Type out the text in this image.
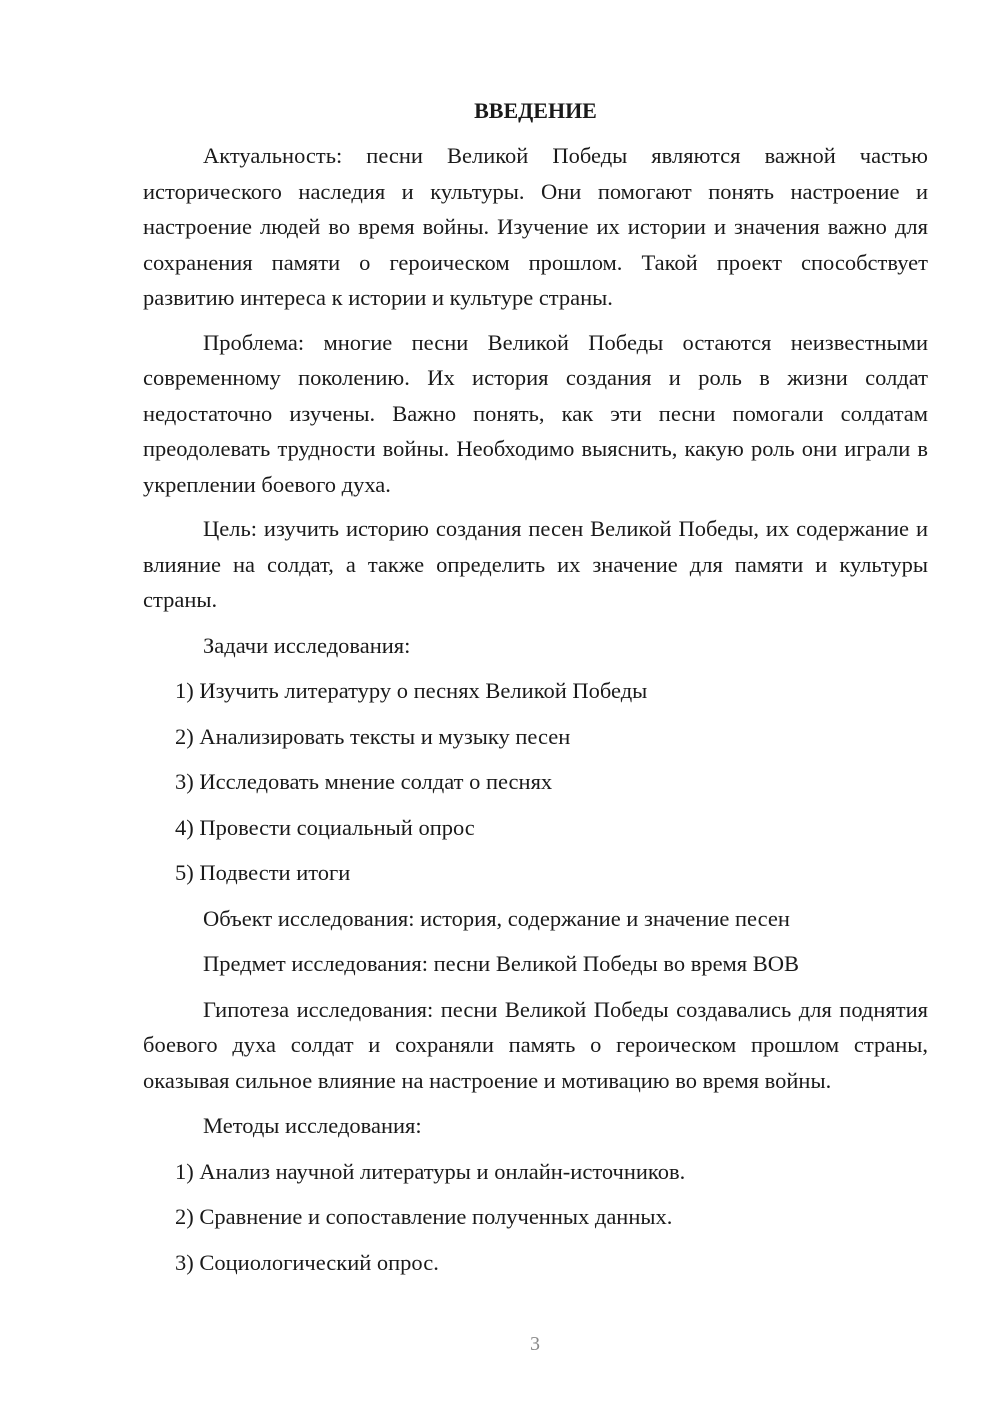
ВВЕДЕНИЕ

Актуальность: песни Великой Победы являются важной частью исторического наследия и культуры. Они помогают понять настроение и настроение людей во время войны. Изучение их истории и значения важно для сохранения памяти о героическом прошлом. Такой проект способствует развитию интереса к истории и культуре страны.

Проблема: многие песни Великой Победы остаются неизвестными современному поколению. Их история создания и роль в жизни солдат недостаточно изучены. Важно понять, как эти песни помогали солдатам преодолевать трудности войны. Необходимо выяснить, какую роль они играли в укреплении боевого духа.

Цель: изучить историю создания песен Великой Победы, их содержание и влияние на солдат, а также определить их значение для памяти и культуры страны.

Задачи исследования:

1) Изучить литературу о песнях Великой Победы

2) Анализировать тексты и музыку песен

3) Исследовать мнение солдат о песнях

4) Провести социальный опрос

5) Подвести итоги

Объект исследования: история, содержание и значение песен

Предмет исследования: песни Великой Победы во время ВОВ

Гипотеза исследования: песни Великой Победы создавались для поднятия боевого духа солдат и сохраняли память о героическом прошлом страны, оказывая сильное влияние на настроение и мотивацию во время войны.

Методы исследования:

1) Анализ научной литературы и онлайн-источников.

2) Сравнение и сопоставление полученных данных.

3) Социологический опрос.

3
